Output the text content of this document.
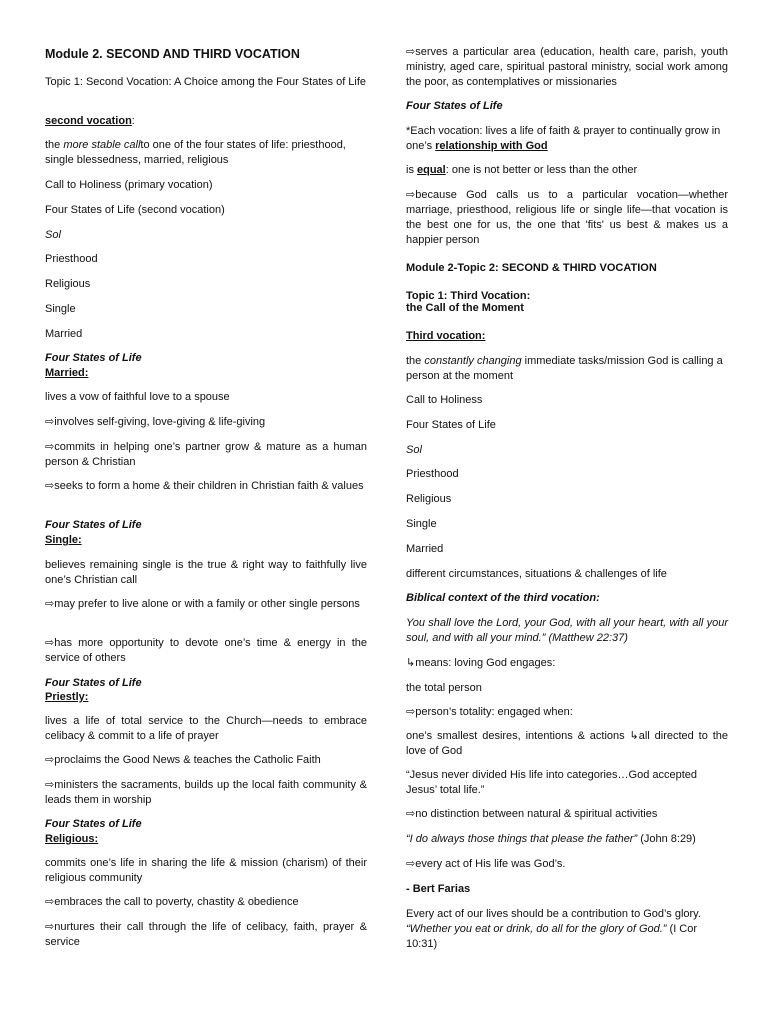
Module 2. SECOND AND THIRD VOCATION

Topic 1: Second Vocation: A Choice among the Four States of Life

second vocation:

the more stable callto one of the four states of life: priesthood, single blessedness, married, religious

Call to Holiness (primary vocation)

Four States of Life (second vocation)

Sol

Priesthood

Religious

Single

Married

Four States of Life

Married:

lives a vow of faithful love to a spouse

⇨involves self-giving, love-giving & life-giving

⇨commits in helping one’s partner grow & mature as a human person & Christian

⇨seeks to form a home & their children in Christian faith & values

Four States of Life

Single:

believes remaining single is the true & right way to faithfully live one’s Christian call

⇨may prefer to live alone or with a family or other single persons

⇨has more opportunity to devote one’s time & energy in the service of others

Four States of Life

Priestly:

lives a life of total service to the Church—needs to embrace celibacy & commit to a life of prayer

⇨proclaims the Good News & teaches the Catholic Faith

⇨ministers the sacraments, builds up the local faith community & leads them in worship

Four States of Life

Religious:

commits one’s life in sharing the life & mission (charism) of their religious community

⇨embraces the call to poverty, chastity & obedience

⇨nurtures their call through the life of celibacy, faith, prayer & service

⇨serves a particular area (education, health care, parish, youth ministry, aged care, spiritual pastoral ministry, social work among the poor, as contemplatives or missionaries

Four States of Life

*Each vocation: lives a life of faith & prayer to continually grow in one’s relationship with God

is equal: one is not better or less than the other

⇨because God calls us to a particular vocation—whether marriage, priesthood, religious life or single life—that vocation is the best one for us, the one that 'fits' us best & makes us a happier person

Module 2-Topic 2: SECOND & THIRD VOCATION

Topic 1: Third Vocation:

the Call of the Moment

Third vocation:

the constantly changing immediate tasks/mission God is calling a person at the moment

Call to Holiness

Four States of Life

Sol

Priesthood

Religious

Single

Married

different circumstances, situations & challenges of life

Biblical context of the third vocation:

You shall love the Lord, your God, with all your heart, with all your soul, and with all your mind.” (Matthew 22:37)

↳means: loving God engages:

the total person

⇨person’s totality: engaged when:

one’s smallest desires, intentions & actions ↳all directed to the love of God

“Jesus never divided His life into categories…God accepted Jesus’ total life.”

⇨no distinction between natural & spiritual activities

“I do always those things that please the father” (John 8:29)

⇨every act of His life was God’s.

- Bert Farias

Every act of our lives should be a contribution to God’s glory. “Whether you eat or drink, do all for the glory of God.” (I Cor 10:31)
